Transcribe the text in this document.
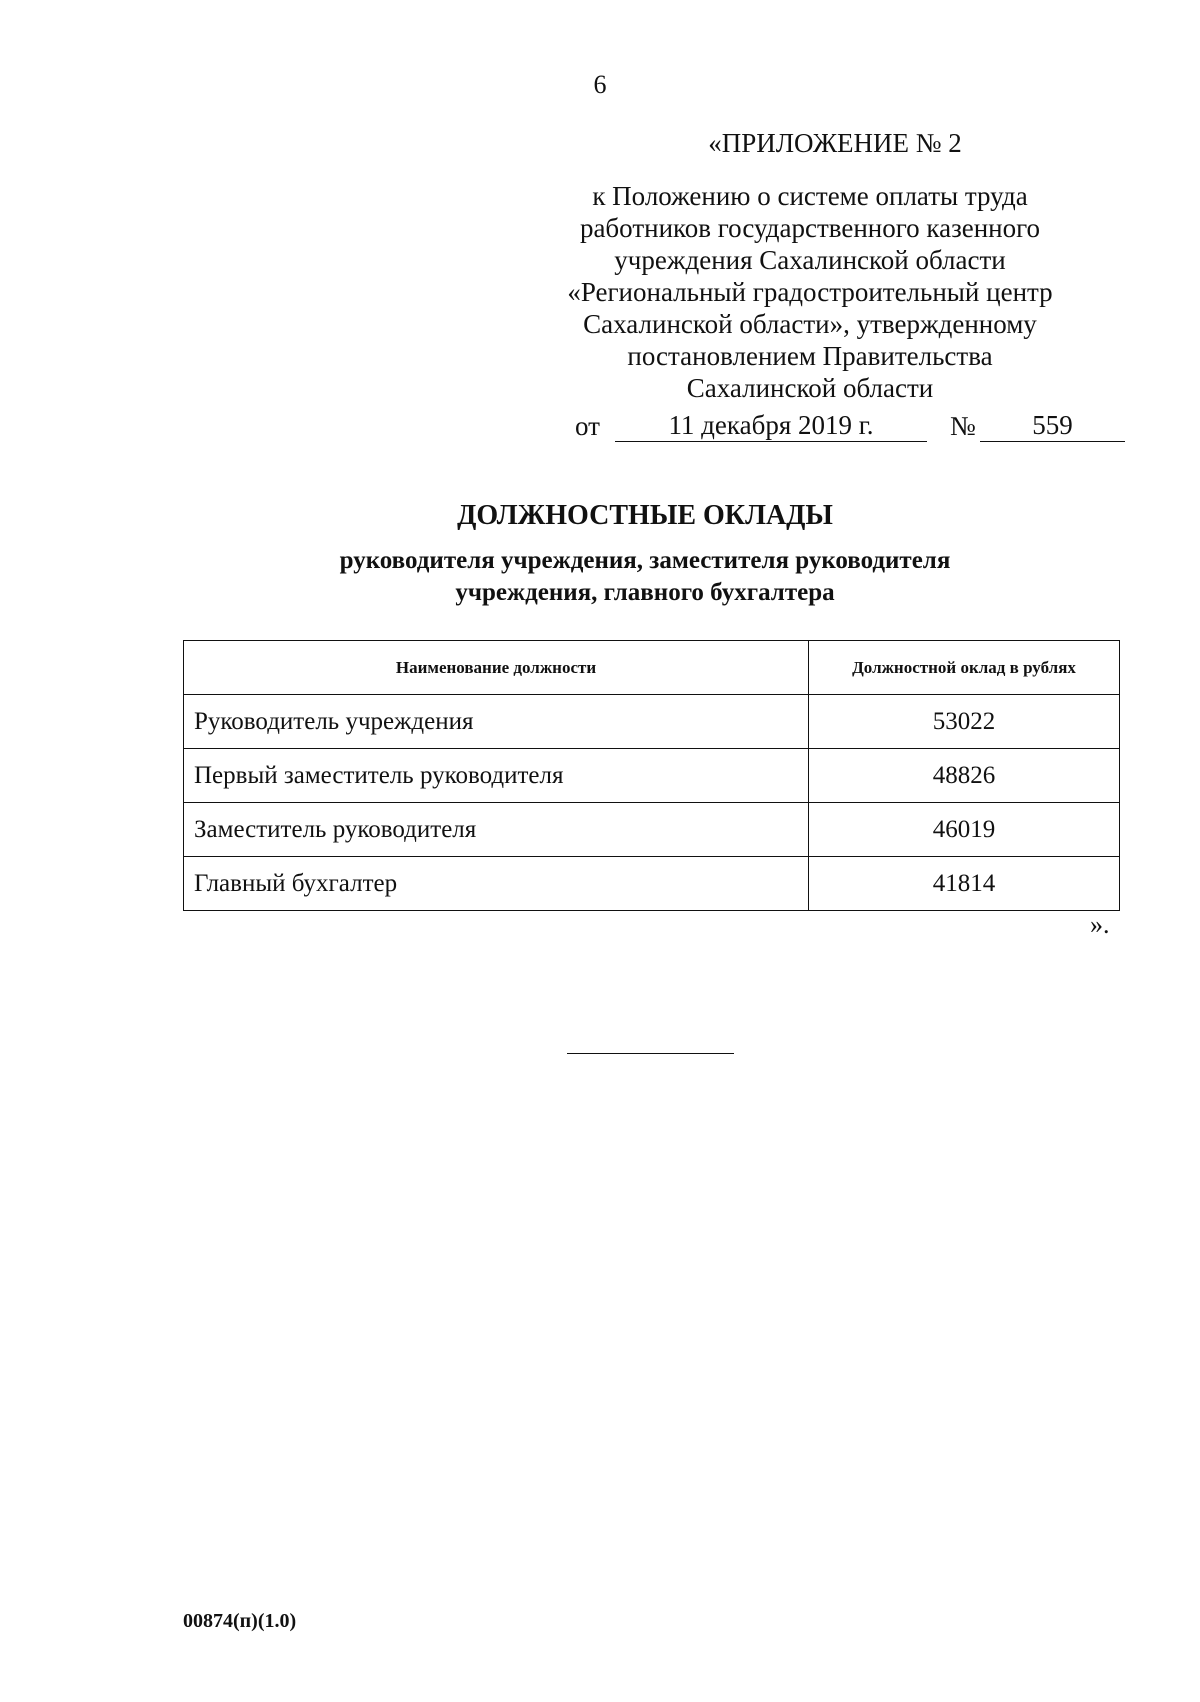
6
«ПРИЛОЖЕНИЕ № 2
к Положению о системе оплаты труда
работников государственного казенного
учреждения Сахалинской области
«Региональный градостроительный центр
Сахалинской области», утвержденному
постановлением Правительства
Сахалинской области
от	11 декабря 2019 г.	№	559
ДОЛЖНОСТНЫЕ ОКЛАДЫ
руководителя учреждения, заместителя руководителя
учреждения, главного бухгалтера
Наименование должности	Должностной оклад в рублях
Руководитель учреждения	53022
Первый заместитель руководителя	48826
Заместитель руководителя	46019
Главный бухгалтер	41814
».
00874(п)(1.0)
